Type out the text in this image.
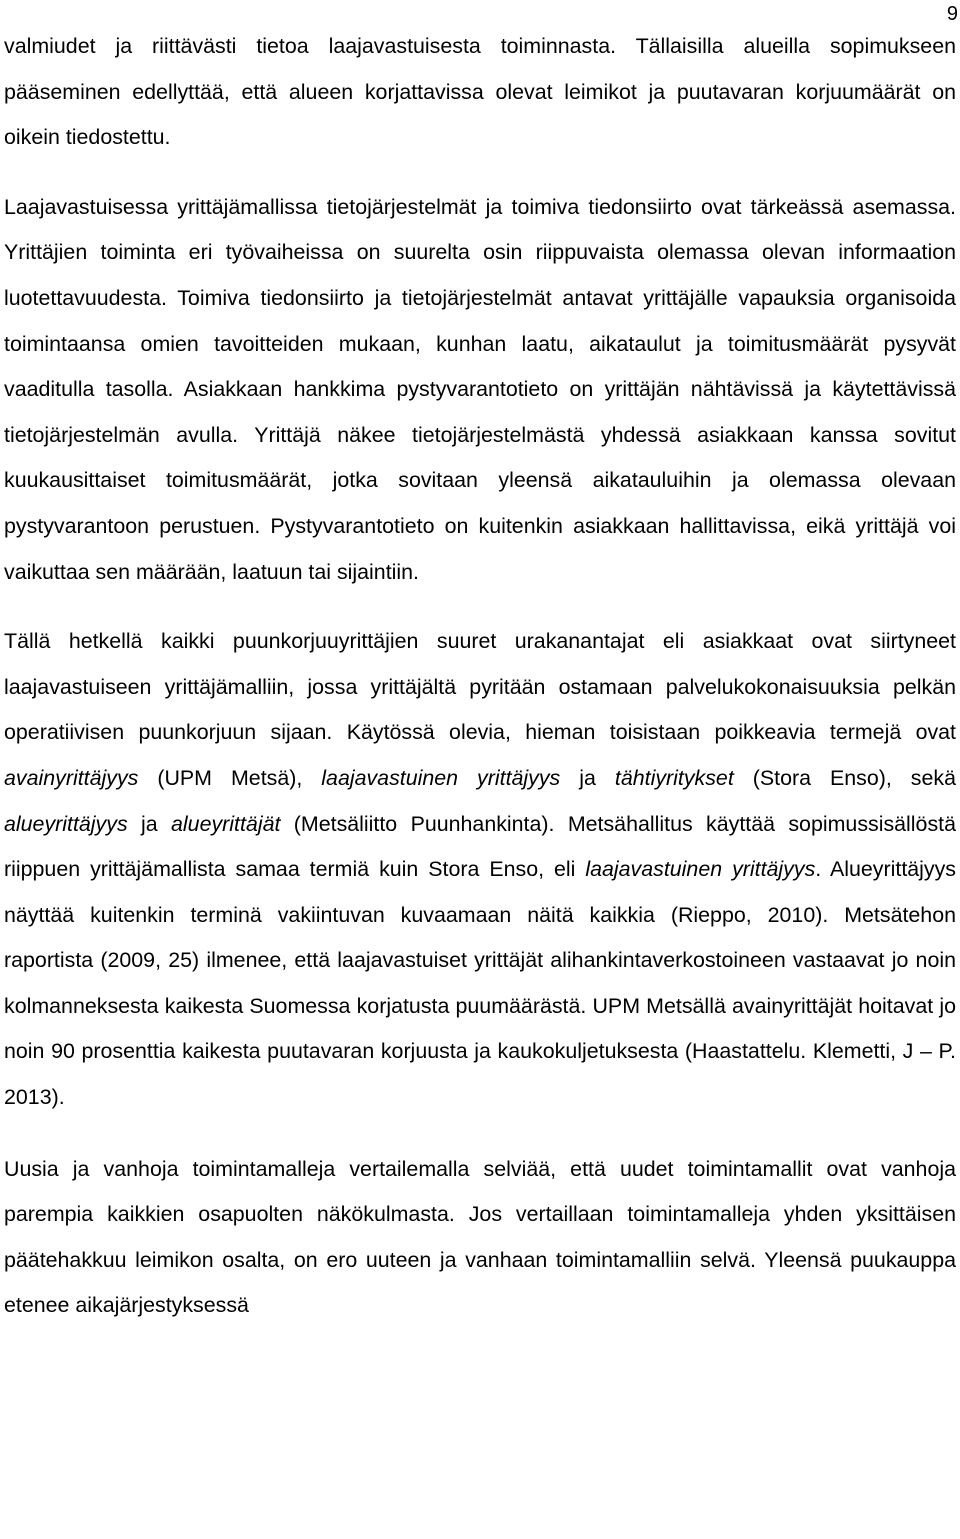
9

valmiudet ja riittävästi tietoa laajavastuisesta toiminnasta. Tällaisilla alueilla sopimukseen pääseminen edellyttää, että alueen korjattavissa olevat leimikot ja puutavaran korjuumäärät on oikein tiedostettu.

Laajavastuisessa yrittäjämallissa tietojärjestelmät ja toimiva tiedonsiirto ovat tärkeässä asemassa. Yrittäjien toiminta eri työvaiheissa on suurelta osin riippuvaista olemassa olevan informaation luotettavuudesta. Toimiva tiedonsiirto ja tietojärjestelmät antavat yrittäjälle vapauksia organisoida toimintaansa omien tavoitteiden mukaan, kunhan laatu, aikataulut ja toimitusmäärät pysyvät vaaditulla tasolla. Asiakkaan hankkima pystyvarantotieto on yrittäjän nähtävissä ja käytettävissä tietojärjestelmän avulla. Yrittäjä näkee tietojärjestelmästä yhdessä asiakkaan kanssa sovitut kuukausittaiset toimitusmäärät, jotka sovitaan yleensä aikatauluihin ja olemassa olevaan pystyvarantoon perustuen. Pystyvarantotieto on kuitenkin asiakkaan hallittavissa, eikä yrittäjä voi vaikuttaa sen määrään, laatuun tai sijaintiin.

Tällä hetkellä kaikki puunkorjuuyrittäjien suuret urakanantajat eli asiakkaat ovat siirtyneet laajavastuiseen yrittäjämalliin, jossa yrittäjältä pyritään ostamaan palvelukokonaisuuksia pelkän operatiivisen puunkorjuun sijaan. Käytössä olevia, hieman toisistaan poikkeavia termejä ovat avainyrittäjyys (UPM Metsä), laajavastuinen yrittäjyys ja tähtiyritykset (Stora Enso), sekä alueyrittäjyys ja alueyrittäjät (Metsäliitto Puunhankinta). Metsähallitus käyttää sopimussisällöstä riippuen yrittäjämallista samaa termiä kuin Stora Enso, eli laajavastuinen yrittäjyys. Alueyrittäjyys näyttää kuitenkin terminä vakiintuvan kuvaamaan näitä kaikkia (Rieppo, 2010). Metsätehon raportista (2009, 25) ilmenee, että laajavastuiset yrittäjät alihankintaverkostoineen vastaavat jo noin kolmanneksesta kaikesta Suomessa korjatusta puumäärästä. UPM Metsällä avainyrittäjät hoitavat jo noin 90 prosenttia kaikesta puutavaran korjuusta ja kaukokuljetuksesta (Haastattelu. Klemetti, J – P. 2013).

Uusia ja vanhoja toimintamalleja vertailemalla selviää, että uudet toimintamallit ovat vanhoja parempia kaikkien osapuolten näkökulmasta. Jos vertaillaan toimintamalleja yhden yksittäisen päätehakkuu leimikon osalta, on ero uuteen ja vanhaan toimintamalliin selvä. Yleensä puukauppa etenee aikajärjestyksessä
